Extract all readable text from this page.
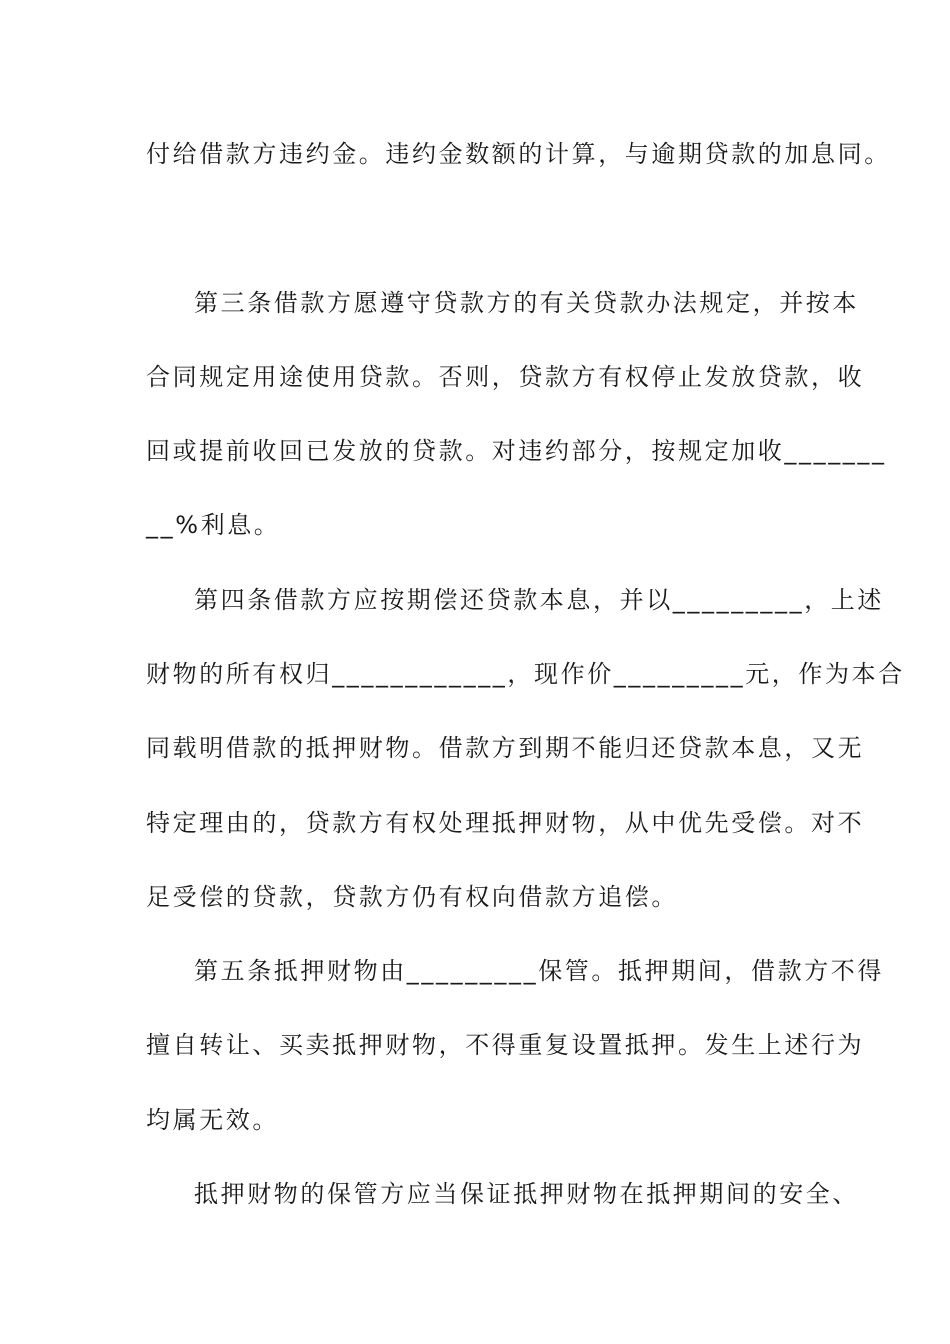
付给借款方违约金。违约金数额的计算，与逾期贷款的加息同。
第三条借款方愿遵守贷款方的有关贷款办法规定，并按本
合同规定用途使用贷款。否则，贷款方有权停止发放贷款，收
回或提前收回已发放的贷款。对违约部分，按规定加收_______
__%利息。
第四条借款方应按期偿还贷款本息，并以_________，上述
财物的所有权归____________，现作价_________元，作为本合
同载明借款的抵押财物。借款方到期不能归还贷款本息，又无
特定理由的，贷款方有权处理抵押财物，从中优先受偿。对不
足受偿的贷款，贷款方仍有权向借款方追偿。
第五条抵押财物由_________保管。抵押期间，借款方不得
擅自转让、买卖抵押财物，不得重复设置抵押。发生上述行为
均属无效。
抵押财物的保管方应当保证抵押财物在抵押期间的安全、
